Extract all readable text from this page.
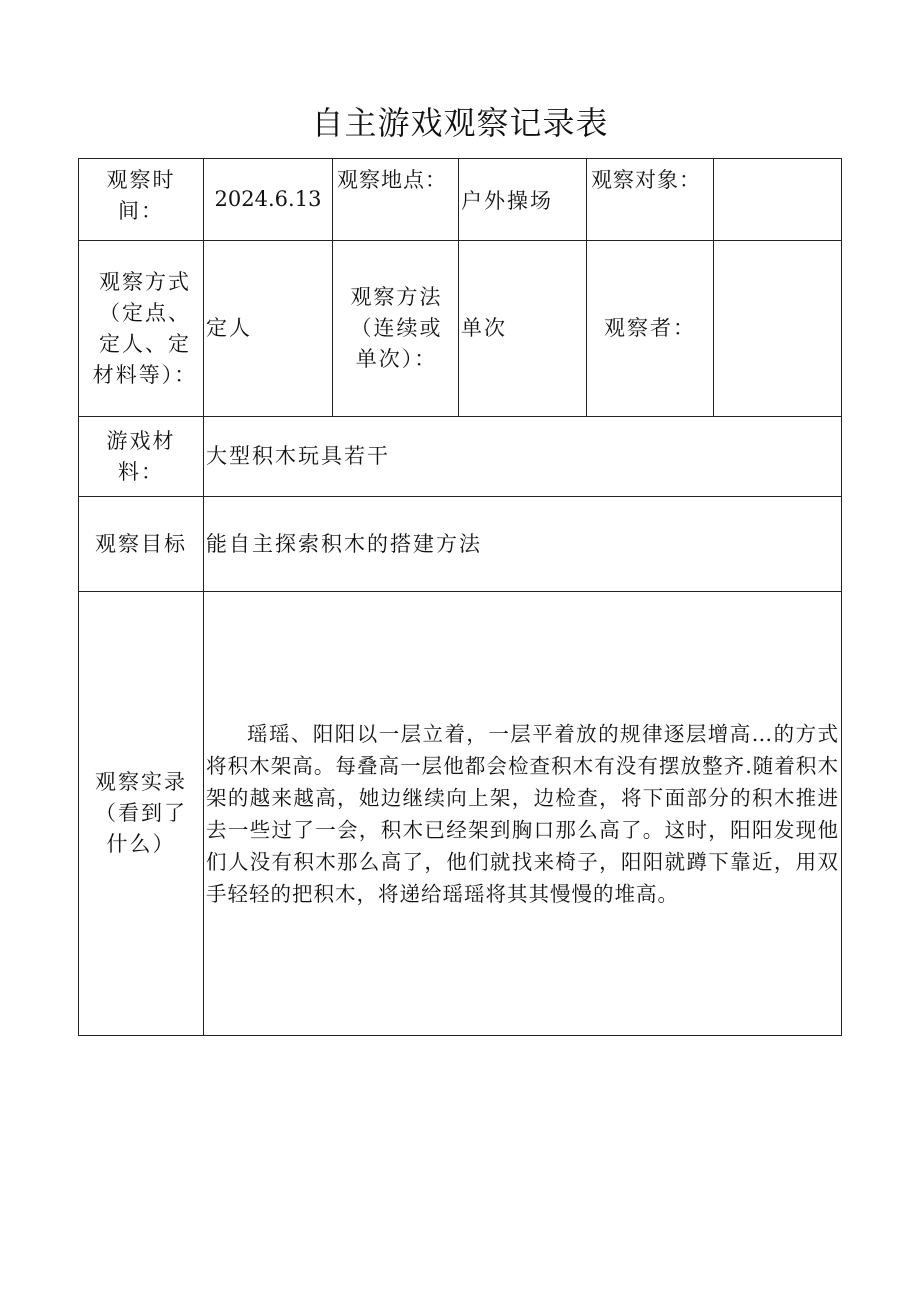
自主游戏观察记录表
观察时间：	2024.6.13	观察地点：	户外操场	观察对象：	
观察方式（定点、定人、定材料等）：	定人	观察方法（连续或单次）：	单次	观察者：	
游戏材料：	大型积木玩具若干				
观察目标	能自主探索积木的搭建方法				
观察实录（看到了什么）	瑶瑶、阳阳以一层立着，一层平着放的规律逐层增高…的方式将积木架高。每叠高一层他都会检查积木有没有摆放整齐.随着积木架的越来越高，她边继续向上架，边检查，将下面部分的积木推进去一些过了一会，积木已经架到胸口那么高了。这时，阳阳发现他们人没有积木那么高了，他们就找来椅子，阳阳就蹲下靠近，用双手轻轻的把积木，将递给瑶瑶将其其慢慢的堆高。				
